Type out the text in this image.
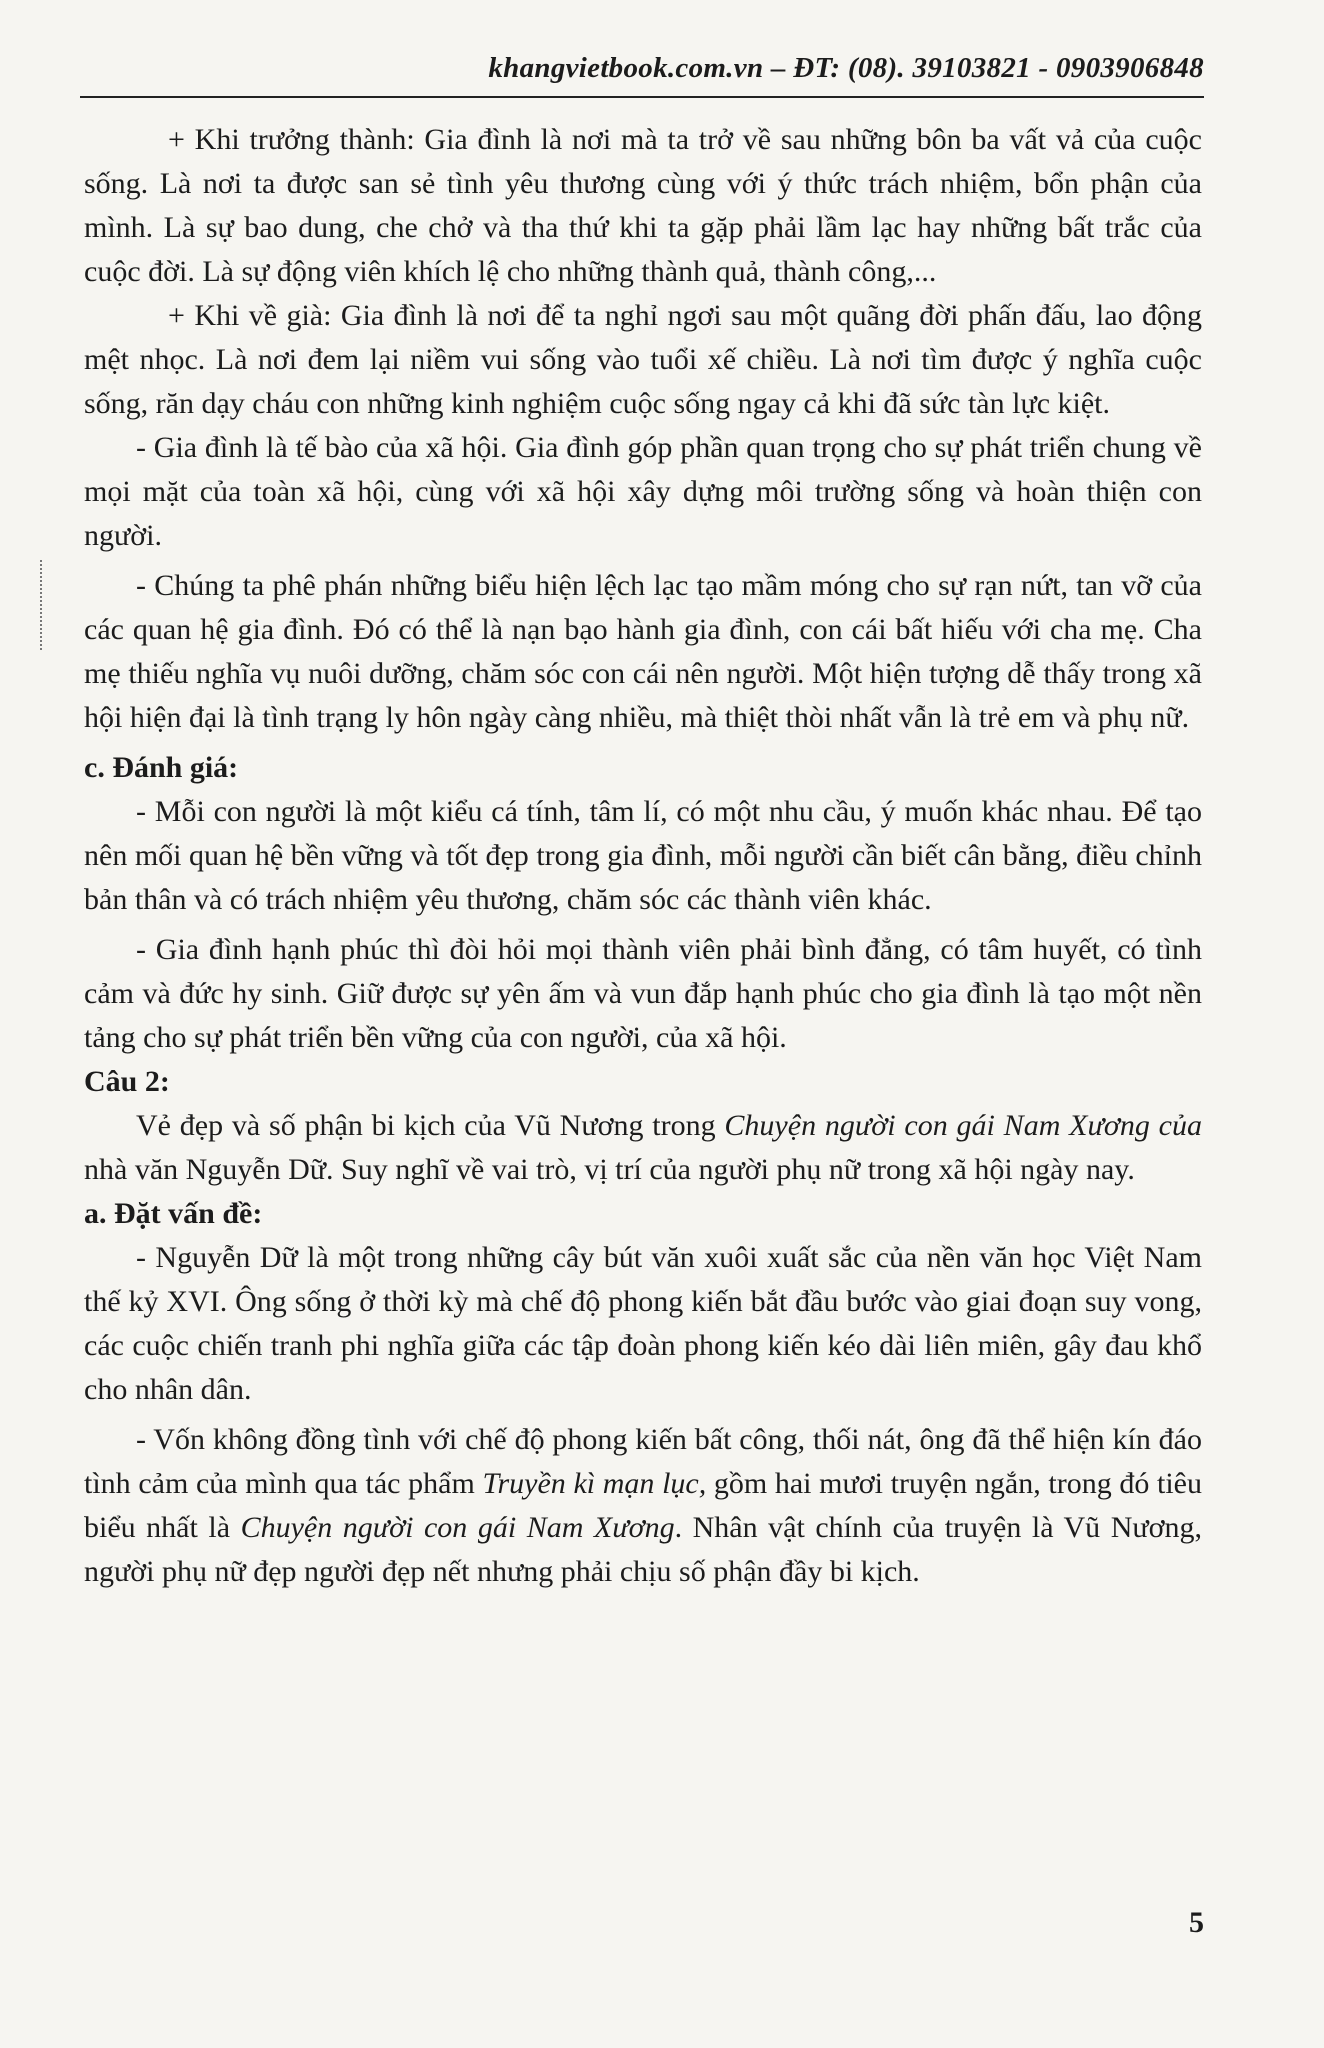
khangvietbook.com.vn – ĐT: (08). 39103821 - 0903906848

+ Khi trưởng thành: Gia đình là nơi mà ta trở về sau những bôn ba vất vả của cuộc sống. Là nơi ta được san sẻ tình yêu thương cùng với ý thức trách nhiệm, bổn phận của mình. Là sự bao dung, che chở và tha thứ khi ta gặp phải lầm lạc hay những bất trắc của cuộc đời. Là sự động viên khích lệ cho những thành quả, thành công,...

+ Khi về già: Gia đình là nơi để ta nghỉ ngơi sau một quãng đời phấn đấu, lao động mệt nhọc. Là nơi đem lại niềm vui sống vào tuổi xế chiều. Là nơi tìm được ý nghĩa cuộc sống, răn dạy cháu con những kinh nghiệm cuộc sống ngay cả khi đã sức tàn lực kiệt.

- Gia đình là tế bào của xã hội. Gia đình góp phần quan trọng cho sự phát triển chung về mọi mặt của toàn xã hội, cùng với xã hội xây dựng môi trường sống và hoàn thiện con người.

- Chúng ta phê phán những biểu hiện lệch lạc tạo mầm móng cho sự rạn nứt, tan vỡ của các quan hệ gia đình. Đó có thể là nạn bạo hành gia đình, con cái bất hiếu với cha mẹ. Cha mẹ thiếu nghĩa vụ nuôi dưỡng, chăm sóc con cái nên người. Một hiện tượng dễ thấy trong xã hội hiện đại là tình trạng ly hôn ngày càng nhiều, mà thiệt thòi nhất vẫn là trẻ em và phụ nữ.

c. Đánh giá:

- Mỗi con người là một kiểu cá tính, tâm lí, có một nhu cầu, ý muốn khác nhau. Để tạo nên mối quan hệ bền vững và tốt đẹp trong gia đình, mỗi người cần biết cân bằng, điều chỉnh bản thân và có trách nhiệm yêu thương, chăm sóc các thành viên khác.

- Gia đình hạnh phúc thì đòi hỏi mọi thành viên phải bình đẳng, có tâm huyết, có tình cảm và đức hy sinh. Giữ được sự yên ấm và vun đắp hạnh phúc cho gia đình là tạo một nền tảng cho sự phát triển bền vững của con người, của xã hội.

Câu 2:

Vẻ đẹp và số phận bi kịch của Vũ Nương trong Chuyện người con gái Nam Xương của nhà văn Nguyễn Dữ. Suy nghĩ về vai trò, vị trí của người phụ nữ trong xã hội ngày nay.

a. Đặt vấn đề:

- Nguyễn Dữ là một trong những cây bút văn xuôi xuất sắc của nền văn học Việt Nam thế kỷ XVI. Ông sống ở thời kỳ mà chế độ phong kiến bắt đầu bước vào giai đoạn suy vong, các cuộc chiến tranh phi nghĩa giữa các tập đoàn phong kiến kéo dài liên miên, gây đau khổ cho nhân dân.

- Vốn không đồng tình với chế độ phong kiến bất công, thối nát, ông đã thể hiện kín đáo tình cảm của mình qua tác phẩm Truyền kì mạn lục, gồm hai mươi truyện ngắn, trong đó tiêu biểu nhất là Chuyện người con gái Nam Xương. Nhân vật chính của truyện là Vũ Nương, người phụ nữ đẹp người đẹp nết nhưng phải chịu số phận đầy bi kịch.

5
